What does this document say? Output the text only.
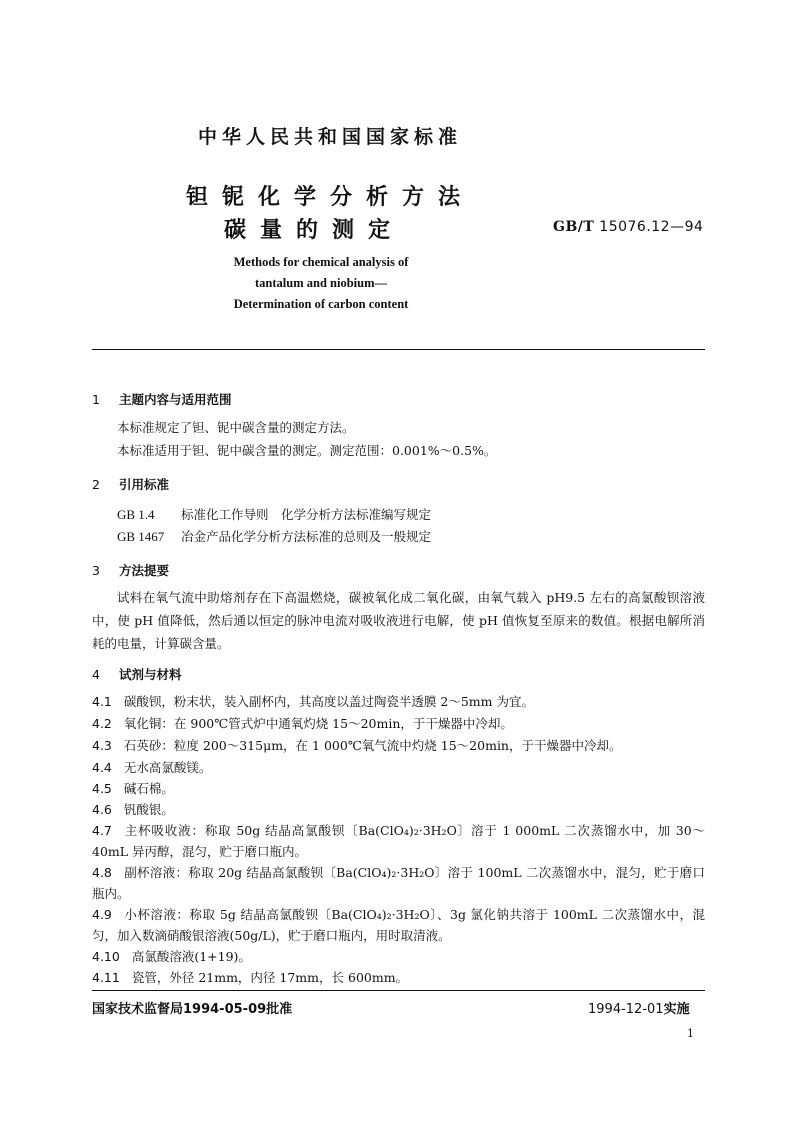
中华人民共和国国家标准
钽铌化学分析方法
碳量的测定	GB/T 15076.12—94
Methods for chemical analysis of
tantalum and niobium—
Determination of carbon content
1 主题内容与适用范围
本标准规定了钽、铌中碳含量的测定方法。
本标准适用于钽、铌中碳含量的测定。测定范围：0.001%～0.5%。
2 引用标准
GB 1.4 标准化工作导则　化学分析方法标准编写规定
GB 1467 冶金产品化学分析方法标准的总则及一般规定
3 方法提要
试料在氧气流中助熔剂存在下高温燃烧，碳被氧化成二氧化碳，由氧气载入 pH9.5 左右的高氯酸钡溶液中，使 pH 值降低，然后通以恒定的脉冲电流对吸收液进行电解，使 pH 值恢复至原来的数值。根据电解所消耗的电量，计算碳含量。
4 试剂与材料
4.1 碳酸钡，粉末状，装入副杯内，其高度以盖过陶瓷半透膜 2～5mm 为宜。
4.2 氧化铜：在 900℃管式炉中通氧灼烧 15～20min，于干燥器中冷却。
4.3 石英砂：粒度 200～315μm，在 1 000℃氧气流中灼烧 15～20min，于干燥器中冷却。
4.4 无水高氯酸镁。
4.5 碱石棉。
4.6 钒酸银。
4.7 主杯吸收液：称取 50g 结晶高氯酸钡〔Ba(ClO₄)₂·3H₂O〕溶于 1 000mL 二次蒸馏水中，加 30～40mL 异丙醇，混匀，贮于磨口瓶内。
4.8 副杯溶液：称取 20g 结晶高氯酸钡〔Ba(ClO₄)₂·3H₂O〕溶于 100mL 二次蒸馏水中，混匀，贮于磨口瓶内。
4.9 小杯溶液：称取 5g 结晶高氯酸钡〔Ba(ClO₄)₂·3H₂O〕、3g 氯化钠共溶于 100mL 二次蒸馏水中，混匀，加入数滴硝酸银溶液(50g/L)，贮于磨口瓶内，用时取清液。
4.10 高氯酸溶液(1+19)。
4.11 瓷管，外径 21mm，内径 17mm，长 600mm。
国家技术监督局1994-05-09批准	1994-12-01实施
1
